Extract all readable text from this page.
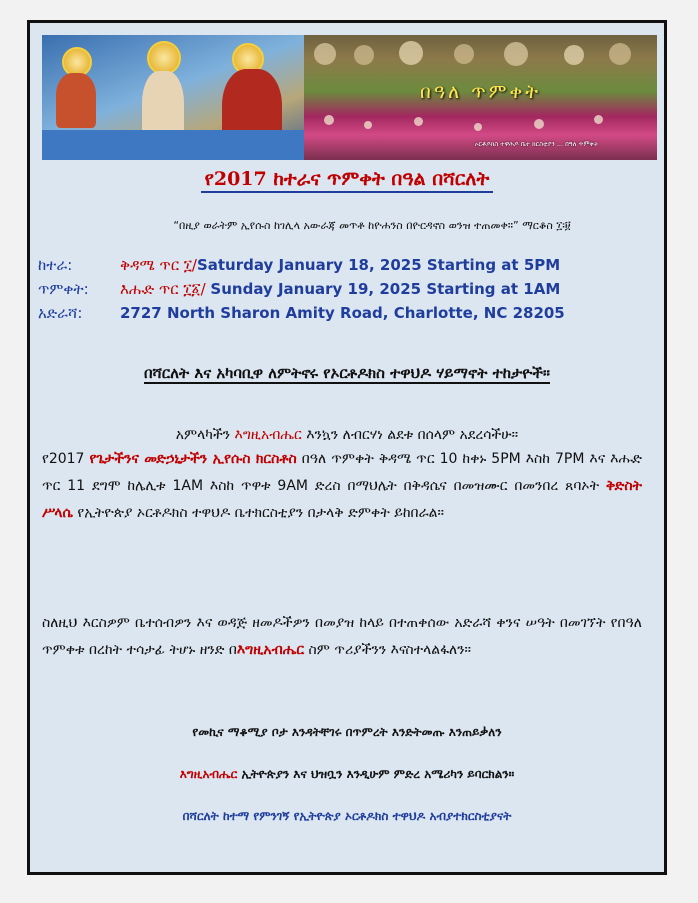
በዓለ ጥምቀት
ኦርቶዶክስ ተዋሕዶ ቤተ ክርስቲያን ... በዓለ ጥምቀት
የ2017 ከተራና ጥምቀት በዓል በሻርለት
“በዚያ ወራትም ኢየሱስ ከገሊላ አውራጃ መጥቶ ከዮሐንስ በዮርዳኖስ ወንዝ ተጠመቀ።” ማርቆስ ፲፡፱
ከተራ:	ቅዳሜ ጥር ፲/Saturday January 18, 2025 Starting at 5PM
ጥምቀት:	እሑድ ጥር ፲፩/ Sunday January 19, 2025 Starting at 1AM
አድራሻ:	2727 North Sharon Amity Road, Charlotte, NC 28205
በሻርለት እና አካባቢዋ ለምትኖሩ የኦርቶዶክስ ተዋህዶ ሃይማኖት ተከታዮች።
አምላካችን እግዚአብሔር እንኳን ለብርሃነ ልደቱ በሰላም አደረሳችሁ።
የ2017 የጌታችንና መድኃኒታችን ኢየሱስ ክርስቶስ በዓለ ጥምቀት ቅዳሜ ጥር 10 ከቀኑ 5PM እስከ 7PM እና እሑድ ጥር 11 ደግሞ ከሌሊቱ 1AM እስከ ጥዋቱ 9AM ድረስ በማህሌት በቅዳሴና በመዝሙር በመንበረ ጸባኦት ቅድስት ሥላሴ የኢትዮጵያ ኦርቶዶክስ ተዋህዶ ቤተክርስቲያን በታላቅ ድምቀት ይከበራል።
ስለዚህ እርስዎም ቤተሰብዎን እና ወዳጅ ዘመዶችዎን በመያዝ ከላይ በተጠቀሰው አድራሻ ቀንና ሠዓት በመገኘት የበዓለ ጥምቀቱ በረከት ተሳታፊ ትሆኑ ዘንድ በእግዚአብሔር ስም ጥሪያችንን እናስተላልፋለን።
የመኪና ማቆሚያ ቦታ እንዳትቸገሩ በጥምረት እንድትመጡ እንጠይቃለን
እግዚአብሔር ኢትዮጵያን እና ህዝቧን እንዲሁም ምድረ አሜሪካን ይባርክልን።
በሻርለት ከተማ የምንገኝ የኢትዮጵያ ኦርቶዶክስ ተዋህዶ አብያተክርስቲያናት
